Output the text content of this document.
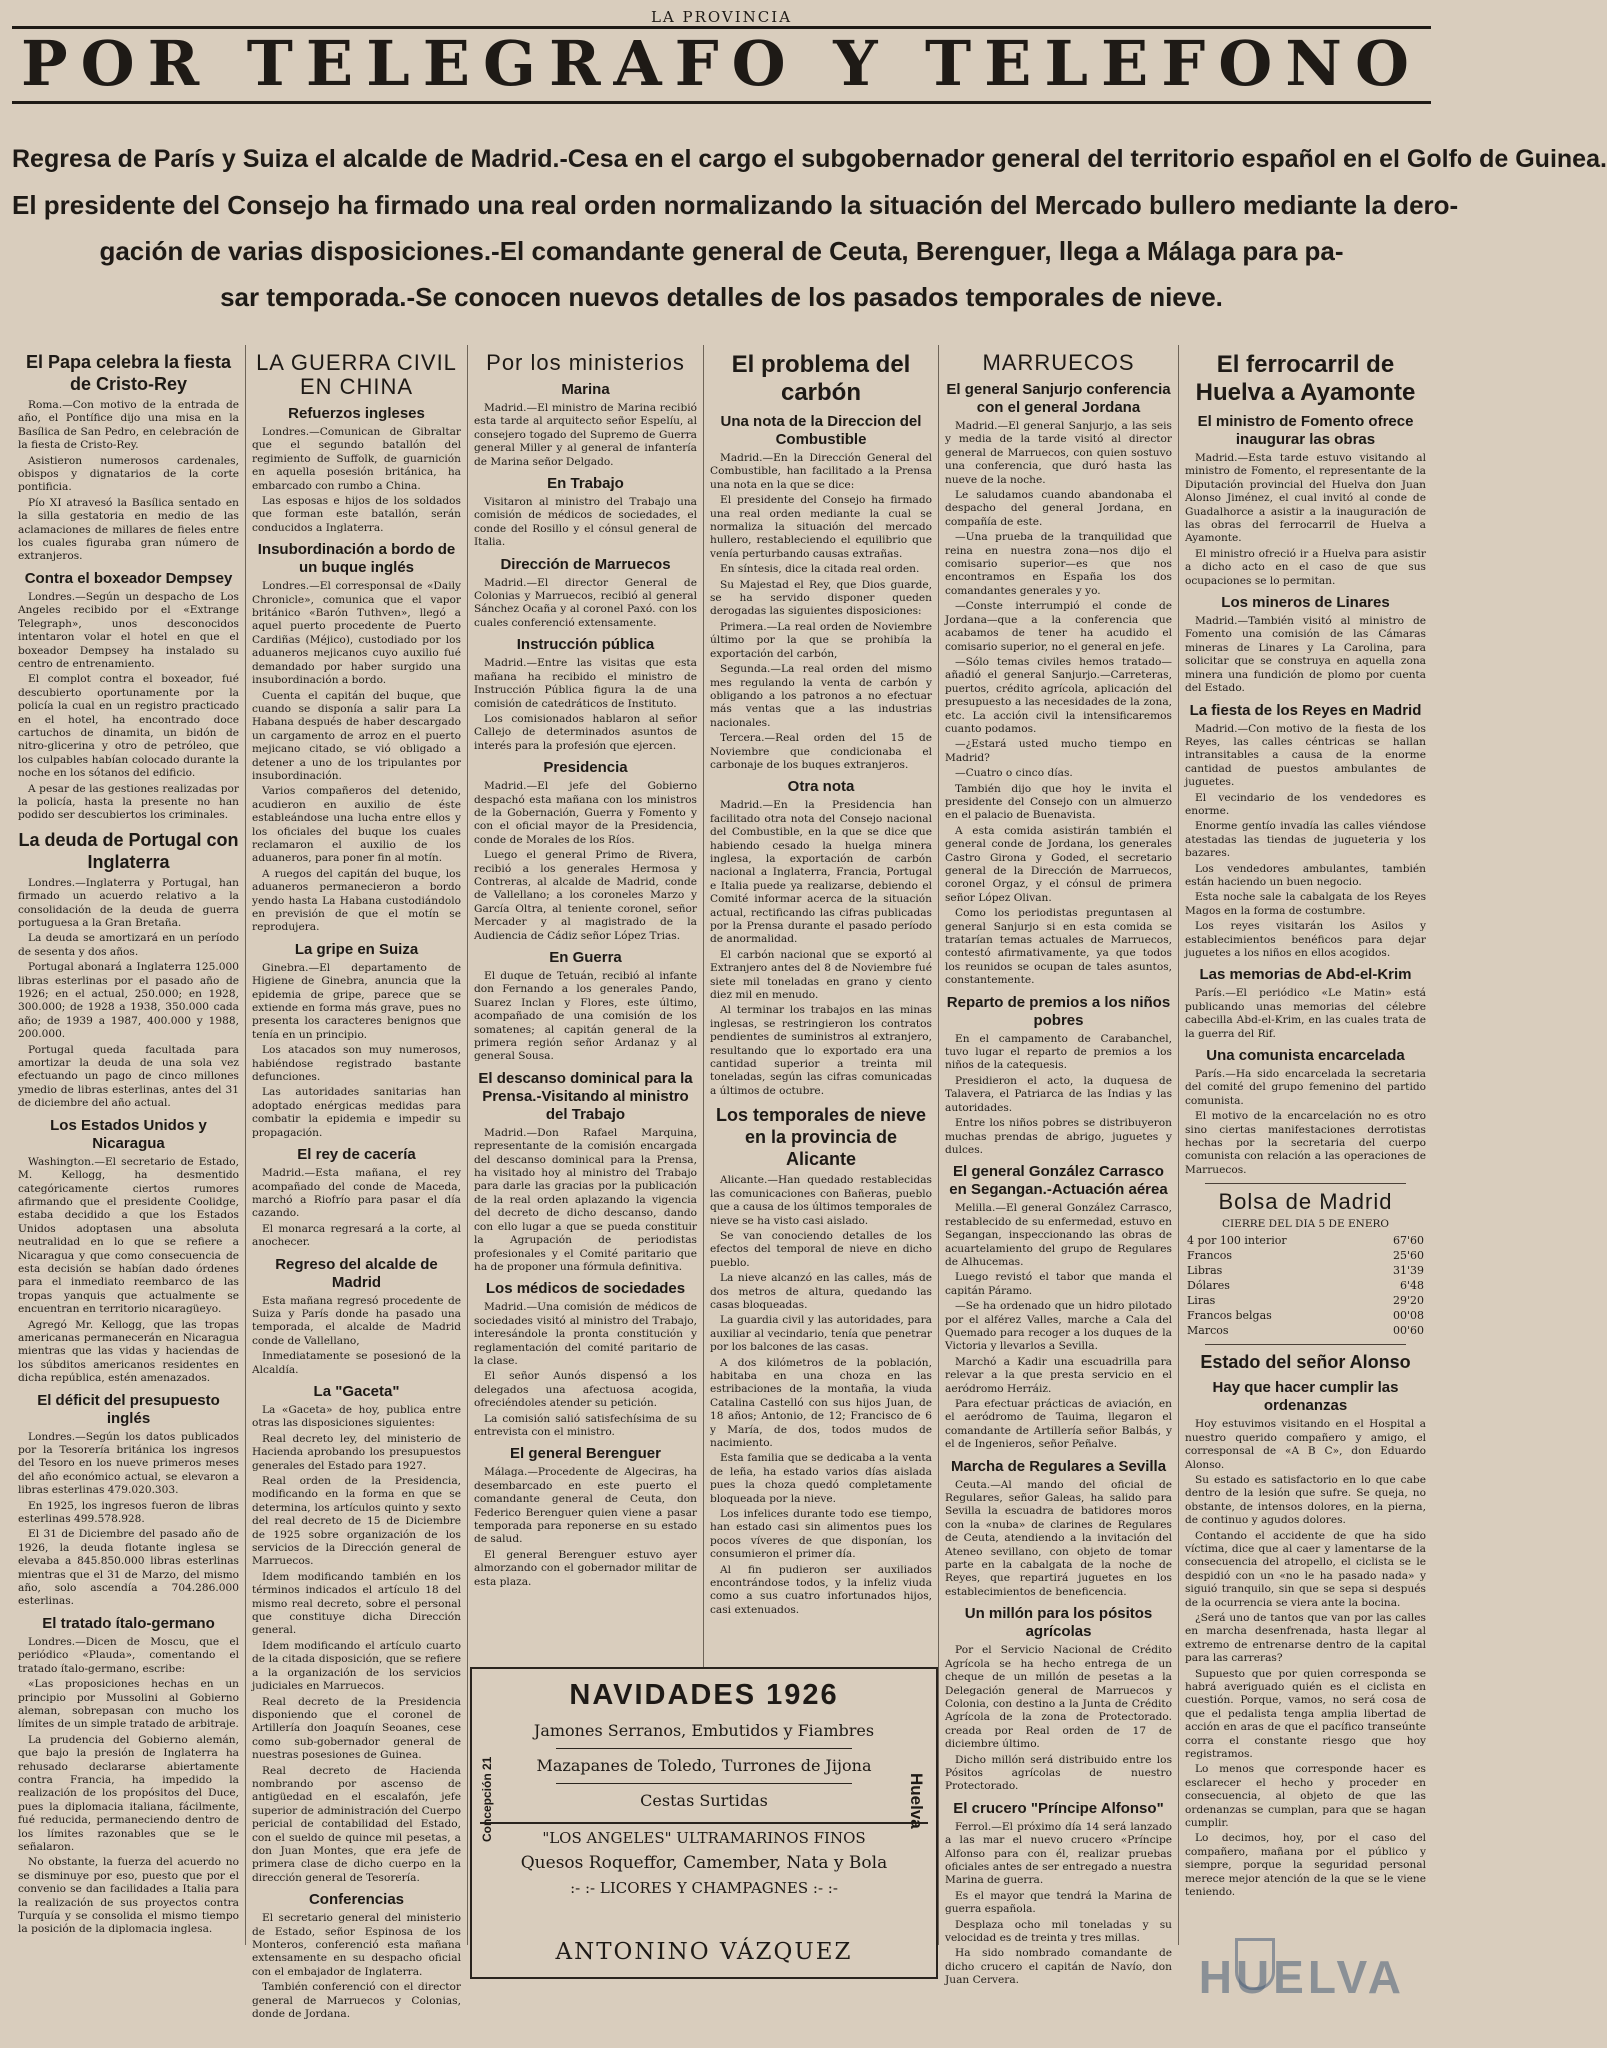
LA PROVINCIA
POR TELEGRAFO Y TELEFONO
Regresa de París y Suiza el alcalde de Madrid.-Cesa en el cargo el subgobernador general del territorio español en el Golfo de Guinea.
El presidente del Consejo ha firmado una real orden normalizando la situación del Mercado bullero mediante la dero-
gación de varias disposiciones.-El comandante general de Ceuta, Berenguer, llega a Málaga para pa-
sar temporada.-Se conocen nuevos detalles de los pasados temporales de nieve.
El Papa celebra la fiesta de Cristo-Rey

Roma.—Con motivo de la entrada de año, el Pontífice dijo una misa en la Basílica de San Pedro, en celebración de la fiesta de Cristo-Rey.

Asistieron numerosos cardenales, obispos y dignatarios de la corte pontificia.

Pío XI atravesó la Basílica sentado en la silla gestatoria en medio de las aclamaciones de millares de fieles entre los cuales figuraba gran número de extranjeros.

Contra el boxeador Dempsey

Londres.—Según un despacho de Los Angeles recibido por el «Extrange Telegraph», unos desconocidos intentaron volar el hotel en que el boxeador Dempsey ha instalado su centro de entrenamiento.

El complot contra el boxeador, fué descubierto oportunamente por la policía la cual en un registro practicado en el hotel, ha encontrado doce cartuchos de dinamita, un bidón de nitro-glicerina y otro de petróleo, que los culpables habían colocado durante la noche en los sótanos del edificio.

A pesar de las gestiones realizadas por la policía, hasta la presente no han podido ser descubiertos los criminales.

La deuda de Portugal con Inglaterra

Londres.—Inglaterra y Portugal, han firmado un acuerdo relativo a la consolidación de la deuda de guerra portuguesa a la Gran Bretaña.

La deuda se amortizará en un período de sesenta y dos años.

Portugal abonará a Inglaterra 125.000 libras esterlinas por el pasado año de 1926; en el actual, 250.000; en 1928, 300.000; de 1928 a 1938, 350.000 cada año; de 1939 a 1987, 400.000 y 1988, 200.000.

Portugal queda facultada para amortizar la deuda de una sola vez efectuando un pago de cinco millones ymedio de libras esterlinas, antes del 31 de diciembre del año actual.

Los Estados Unidos y Nicaragua

Washington.—El secretario de Estado, M. Kellogg, ha desmentido categóricamente ciertos rumores afirmando que el presidente Coolidge, estaba decidido a que los Estados Unidos adoptasen una absoluta neutralidad en lo que se refiere a Nicaragua y que como consecuencia de esta decisión se habían dado órdenes para el inmediato reembarco de las tropas yanquis que actualmente se encuentran en territorio nicaragüeyo.

Agregó Mr. Kellogg, que las tropas americanas permanecerán en Nicaragua mientras que las vidas y haciendas de los súbditos americanos residentes en dicha república, estén amenazados.

El déficit del presupuesto inglés

Londres.—Según los datos publicados por la Tesorería británica los ingresos del Tesoro en los nueve primeros meses del año económico actual, se elevaron a libras esterlinas 479.020.303.

En 1925, los ingresos fueron de libras esterlinas 499.578.928.

El 31 de Diciembre del pasado año de 1926, la deuda flotante inglesa se elevaba a 845.850.000 libras esterlinas mientras que el 31 de Marzo, del mismo año, solo ascendía a 704.286.000 esterlinas.

El tratado ítalo-germano

Londres.—Dicen de Moscu, que el periódico «Plauda», comentando el tratado ítalo-germano, escribe:

«Las proposiciones hechas en un principio por Mussolini al Gobierno aleman, sobrepasan con mucho los límites de un simple tratado de arbitraje.

La prudencia del Gobierno alemán, que bajo la presión de Inglaterra ha rehusado declararse abiertamente contra Francia, ha impedido la realización de los propósitos del Duce, pues la diplomacia italiana, fácilmente, fué reducida, permaneciendo dentro de los límites razonables que se le señalaron.

No obstante, la fuerza del acuerdo no se disminuye por eso, puesto que por el convenio se dan facilidades a Italia para la realización de sus proyectos contra Turquía y se consolida el mismo tiempo la posición de la diplomacia inglesa.

LA GUERRA CIVIL EN CHINA
Refuerzos ingleses

Londres.—Comunican de Gibraltar que el segundo batallón del regimiento de Suffolk, de guarnición en aquella posesión británica, ha embarcado con rumbo a China.

Las esposas e hijos de los soldados que forman este batallón, serán conducidos a Inglaterra.

Insubordinación a bordo de un buque inglés

Londres.—El corresponsal de «Daily Chronicle», comunica que el vapor británico «Barón Tuthven», llegó a aquel puerto procedente de Puerto Cardiñas (Méjico), custodiado por los aduaneros mejicanos cuyo auxilio fué demandado por haber surgido una insubordinación a bordo.

Cuenta el capitán del buque, que cuando se disponía a salir para La Habana después de haber descargado un cargamento de arroz en el puerto mejicano citado, se vió obligado a detener a uno de los tripulantes por insubordinación.

Varios compañeros del detenido, acudieron en auxilio de éste estableándose una lucha entre ellos y los oficiales del buque los cuales reclamaron el auxilio de los aduaneros, para poner fin al motín.

A ruegos del capitán del buque, los aduaneros permanecieron a bordo yendo hasta La Habana custodiándolo en previsión de que el motín se reprodujera.

La gripe en Suiza

Ginebra.—El departamento de Higiene de Ginebra, anuncia que la epidemia de gripe, parece que se extiende en forma más grave, pues no presenta los caracteres benignos que tenía en un principio.

Los atacados son muy numerosos, habiéndose registrado bastante defunciones.

Las autoridades sanitarias han adoptado enérgicas medidas para combatir la epidemia e impedir su propagación.

El rey de cacería

Madrid.—Esta mañana, el rey acompañado del conde de Maceda, marchó a Riofrío para pasar el día cazando.

El monarca regresará a la corte, al anochecer.

Regreso del alcalde de Madrid

Esta mañana regresó procedente de Suiza y París donde ha pasado una temporada, el alcalde de Madrid conde de Vallellano,

Inmediatamente se posesionó de la Alcaldía.

La "Gaceta"

La «Gaceta» de hoy, publica entre otras las disposiciones siguientes:

Real decreto ley, del ministerio de Hacienda aprobando los presupuestos generales del Estado para 1927.

Real orden de la Presidencia, modificando en la forma en que se determina, los artículos quinto y sexto del real decreto de 15 de Diciembre de 1925 sobre organización de los servicios de la Dirección general de Marruecos.

Idem modificando también en los términos indicados el artículo 18 del mismo real decreto, sobre el personal que constituye dicha Dirección general.

Idem modificando el artículo cuarto de la citada disposición, que se refiere a la organización de los servicios judiciales en Marruecos.

Real decreto de la Presidencia disponiendo que el coronel de Artillería don Joaquín Seoanes, cese como sub-gobernador general de nuestras posesiones de Guinea.

Real decreto de Hacienda nombrando por ascenso de antigüedad en el escalafón, jefe superior de administración del Cuerpo pericial de contabilidad del Estado, con el sueldo de quince mil pesetas, a don Juan Montes, que era jefe de primera clase de dicho cuerpo en la dirección general de Tesorería.

Conferencias

El secretario general del ministerio de Estado, señor Espinosa de los Monteros, conferenció esta mañana extensamente en su despacho oficial con el embajador de Inglaterra.

También conferenció con el director general de Marruecos y Colonias, donde de Jordana.

Por los ministerios
Marina

Madrid.—El ministro de Marina recibió esta tarde al arquitecto señor Espelíu, al consejero togado del Supremo de Guerra general Miller y al general de infantería de Marina señor Delgado.

En Trabajo

Visitaron al ministro del Trabajo una comisión de médicos de sociedades, el conde del Rosillo y el cónsul general de Italia.

Dirección de Marruecos

Madrid.—El director General de Colonias y Marruecos, recibió al general Sánchez Ocaña y al coronel Paxó. con los cuales conferenció extensamente.

Instrucción pública

Madrid.—Entre las visitas que esta mañana ha recibido el ministro de Instrucción Pública figura la de una comisión de catedráticos de Instituto.

Los comisionados hablaron al señor Callejo de determinados asuntos de interés para la profesión que ejercen.

Presidencia

Madrid.—El jefe del Gobierno despachó esta mañana con los ministros de la Gobernación, Guerra y Fomento y con el oficial mayor de la Presidencia, conde de Morales de los Ríos.

Luego el general Primo de Rivera, recibió a los generales Hermosa y Contreras, al alcalde de Madrid, conde de Vallellano; a los coroneles Marzo y García Oltra, al teniente coronel, señor Mercader y al magistrado de la Audiencia de Cádiz señor López Trias.

En Guerra

El duque de Tetuán, recibió al infante don Fernando a los generales Pando, Suarez Inclan y Flores, este último, acompañado de una comisión de los somatenes; al capitán general de la primera región señor Ardanaz y al general Sousa.

El descanso dominical para la Prensa.-Visitando al ministro del Trabajo

Madrid.—Don Rafael Marquina, representante de la comisión encargada del descanso dominical para la Prensa, ha visitado hoy al ministro del Trabajo para darle las gracias por la publicación de la real orden aplazando la vigencia del decreto de dicho descanso, dando con ello lugar a que se pueda constituir la Agrupación de periodistas profesionales y el Comité paritario que ha de proponer una fórmula definitiva.

Los médicos de sociedades

Madrid.—Una comisión de médicos de sociedades visitó al ministro del Trabajo, interesándole la pronta constitución y reglamentación del comité paritario de la clase.

El señor Aunós dispensó a los delegados una afectuosa acogida, ofreciéndoles atender su petición.

La comisión salió satisfechísima de su entrevista con el ministro.

El general Berenguer

Málaga.—Procedente de Algeciras, ha desembarcado en este puerto el comandante general de Ceuta, don Federico Berenguer quien viene a pasar temporada para reponerse en su estado de salud.

El general Berenguer estuvo ayer almorzando con el gobernador militar de esta plaza.

El problema del carbón
Una nota de la Direccion del Combustible

Madrid.—En la Dirección General del Combustible, han facilitado a la Prensa una nota en la que se dice:

El presidente del Consejo ha firmado una real orden mediante la cual se normaliza la situación del mercado hullero, restableciendo el equilibrio que venía perturbando causas extrañas.

En síntesis, dice la citada real orden.

Su Majestad el Rey, que Dios guarde, se ha servido disponer queden derogadas las siguientes disposiciones:

Primera.—La real orden de Noviembre último por la que se prohibía la exportación del carbón,

Segunda.—La real orden del mismo mes regulando la venta de carbón y obligando a los patronos a no efectuar más ventas que a las industrias nacionales.

Tercera.—Real orden del 15 de Noviembre que condicionaba el carbonaje de los buques extranjeros.

Otra nota

Madrid.—En la Presidencia han facilitado otra nota del Consejo nacional del Combustible, en la que se dice que habiendo cesado la huelga minera inglesa, la exportación de carbón nacional a Inglaterra, Francia, Portugal e Italia puede ya realizarse, debiendo el Comité informar acerca de la situación actual, rectificando las cifras publicadas por la Prensa durante el pasado período de anormalidad.

El carbón nacional que se exportó al Extranjero antes del 8 de Noviembre fué siete mil toneladas en grano y ciento diez mil en menudo.

Al terminar los trabajos en las minas inglesas, se restringieron los contratos pendientes de suministros al extranjero, resultando que lo exportado era una cantidad superior a treinta mil toneladas, según las cifras comunicadas a últimos de octubre.

Los temporales de nieve en la provincia de Alicante

Alicante.—Han quedado restablecidas las comunicaciones con Bañeras, pueblo que a causa de los últimos temporales de nieve se ha visto casi aislado.

Se van conociendo detalles de los efectos del temporal de nieve en dicho pueblo.

La nieve alcanzó en las calles, más de dos metros de altura, quedando las casas bloqueadas.

La guardia civil y las autoridades, para auxiliar al vecindario, tenía que penetrar por los balcones de las casas.

A dos kilómetros de la población, habitaba en una choza en las estribaciones de la montaña, la viuda Catalina Castelló con sus hijos Juan, de 18 años; Antonio, de 12; Francisco de 6 y María, de dos, todos mudos de nacimiento.

Esta familia que se dedicaba a la venta de leña, ha estado varios días aislada pues la choza quedó completamente bloqueada por la nieve.

Los infelices durante todo ese tiempo, han estado casi sin alimentos pues los pocos víveres de que disponían, los consumieron el primer día.

Al fin pudieron ser auxiliados encontrándose todos, y la infeliz viuda como a sus cuatro infortunados hijos, casi extenuados.

MARRUECOS
El general Sanjurjo conferencia con el general Jordana

Madrid.—El general Sanjurjo, a las seis y media de la tarde visitó al director general de Marruecos, con quien sostuvo una conferencia, que duró hasta las nueve de la noche.

Le saludamos cuando abandonaba el despacho del general Jordana, en compañía de este.

—Una prueba de la tranquilidad que reina en nuestra zona—nos dijo el comisario superior—es que nos encontramos en España los dos comandantes generales y yo.

—Conste interrumpió el conde de Jordana—que a la conferencia que acabamos de tener ha acudido el comisario superior, no el general en jefe.

—Sólo temas civiles hemos tratado—añadió el general Sanjurjo.—Carreteras, puertos, crédito agrícola, aplicación del presupuesto a las necesidades de la zona, etc. La acción civil la intensificaremos cuanto podamos.

—¿Estará usted mucho tiempo en Madrid?

—Cuatro o cinco días.

También dijo que hoy le invita el presidente del Consejo con un almuerzo en el palacio de Buenavista.

A esta comida asistirán también el general conde de Jordana, los generales Castro Girona y Goded, el secretario general de la Dirección de Marruecos, coronel Orgaz, y el cónsul de primera señor López Olivan.

Como los periodistas preguntasen al general Sanjurjo si en esta comida se tratarían temas actuales de Marruecos, contestó afirmativamente, ya que todos los reunidos se ocupan de tales asuntos, constantemente.

Reparto de premios a los niños pobres

En el campamento de Carabanchel, tuvo lugar el reparto de premios a los niños de la catequesis.

Presidieron el acto, la duquesa de Talavera, el Patriarca de las Indias y las autoridades.

Entre los niños pobres se distribuyeron muchas prendas de abrigo, juguetes y dulces.

El general González Carrasco en Segangan.-Actuación aérea

Melilla.—El general González Carrasco, restablecido de su enfermedad, estuvo en Segangan, inspeccionando las obras de acuartelamiento del grupo de Regulares de Alhucemas.

Luego revistó el tabor que manda el capitán Páramo.

—Se ha ordenado que un hidro pilotado por el alférez Valles, marche a Cala del Quemado para recoger a los duques de la Victoria y llevarlos a Sevilla.

Marchó a Kadir una escuadrilla para relevar a la que presta servicio en el aeródromo Herráiz.

Para efectuar prácticas de aviación, en el aeródromo de Tauima, llegaron el comandante de Artillería señor Balbás, y el de Ingenieros, señor Peñalve.

Marcha de Regulares a Sevilla

Ceuta.—Al mando del oficial de Regulares, señor Galeas, ha salido para Sevilla la escuadra de batidores moros con la «nuba» de clarines de Regulares de Ceuta, atendiendo a la invitación del Ateneo sevillano, con objeto de tomar parte en la cabalgata de la noche de Reyes, que repartirá juguetes en los establecimientos de beneficencia.

Un millón para los pósitos agrícolas

Por el Servicio Nacional de Crédito Agrícola se ha hecho entrega de un cheque de un millón de pesetas a la Delegación general de Marruecos y Colonia, con destino a la Junta de Crédito Agrícola de la zona de Protectorado. creada por Real orden de 17 de diciembre último.

Dicho millón será distribuido entre los Pósitos agrícolas de nuestro Protectorado.

El crucero "Príncipe Alfonso"

Ferrol.—El próximo día 14 será lanzado a las mar el nuevo crucero «Príncipe Alfonso para con él, realizar pruebas oficiales antes de ser entregado a nuestra Marina de guerra.

Es el mayor que tendrá la Marina de guerra española.

Desplaza ocho mil toneladas y su velocidad es de treinta y tres millas.

Ha sido nombrado comandante de dicho crucero el capitán de Navío, don Juan Cervera.

El ferrocarril de Huelva a Ayamonte
El ministro de Fomento ofrece inaugurar las obras

Madrid.—Esta tarde estuvo visitando al ministro de Fomento, el representante de la Diputación provincial del Huelva don Juan Alonso Jiménez, el cual invitó al conde de Guadalhorce a asistir a la inauguración de las obras del ferrocarril de Huelva a Ayamonte.

El ministro ofreció ir a Huelva para asistir a dicho acto en el caso de que sus ocupaciones se lo permitan.

Los mineros de Linares

Madrid.—También visitó al ministro de Fomento una comisión de las Cámaras mineras de Linares y La Carolina, para solicitar que se construya en aquella zona minera una fundición de plomo por cuenta del Estado.

La fiesta de los Reyes en Madrid

Madrid.—Con motivo de la fiesta de los Reyes, las calles céntricas se hallan intransitables a causa de la enorme cantidad de puestos ambulantes de juguetes.

El vecindario de los vendedores es enorme.

Enorme gentío invadía las calles viéndose atestadas las tiendas de jugueteria y los bazares.

Los vendedores ambulantes, también están haciendo un buen negocio.

Esta noche sale la cabalgata de los Reyes Magos en la forma de costumbre.

Los reyes visitarán los Asilos y establecimientos benéficos para dejar juguetes a los niños en ellos acogidos.

Las memorias de Abd-el-Krim

París.—El periódico «Le Matin» está publicando unas memorias del célebre cabecilla Abd-el-Krim, en las cuales trata de la guerra del Rif.

Una comunista encarcelada

París.—Ha sido encarcelada la secretaria del comité del grupo femenino del partido comunista.

El motivo de la encarcelación no es otro sino ciertas manifestaciones derrotistas hechas por la secretaria del cuerpo comunista con relación a las operaciones de Marruecos.

Bolsa de Madrid
CIERRE DEL DIA 5 DE ENERO
4 por 100 interior	67'60
Francos	25'60
Libras	31'39
Dólares	6'48
Liras	29'20
Francos belgas	00'08
Marcos	00'60
Estado del señor Alonso
Hay que hacer cumplir las ordenanzas

Hoy estuvimos visitando en el Hospital a nuestro querido compañero y amigo, el corresponsal de «A B C», don Eduardo Alonso.

Su estado es satisfactorio en lo que cabe dentro de la lesión que sufre. Se queja, no obstante, de intensos dolores, en la pierna, de continuo y agudos dolores.

Contando el accidente de que ha sido víctima, dice que al caer y lamentarse de la consecuencia del atropello, el ciclista se le despidió con un «no le ha pasado nada» y siguió tranquilo, sin que se sepa si después de la ocurrencia se viera ante la bocina.

¿Será uno de tantos que van por las calles en marcha desenfrenada, hasta llegar al extremo de entrenarse dentro de la capital para las carreras?

Supuesto que por quien corresponda se habrá averiguado quién es el ciclista en cuestión. Porque, vamos, no será cosa de que el pedalista tenga amplia libertad de acción en aras de que el pacífico transeúnte corra el constante riesgo que hoy registramos.

Lo menos que corresponde hacer es esclarecer el hecho y proceder en consecuencia, al objeto de que las ordenanzas se cumplan, para que se hagan cumplir.

Lo decimos, hoy, por el caso del compañero, mañana por el público y siempre, porque la seguridad personal merece mejor atención de la que se le viene teniendo.

NAVIDADES 1926
Concepción 21	Huelva
Jamones Serranos, Embutidos y Fiambres
Mazapanes de Toledo, Turrones de Jijona
Cestas Surtidas
"LOS ANGELES" ULTRAMARINOS FINOS
Quesos Roqueffor, Camember, Nata y Bola
:- :- LICORES Y CHAMPAGNES :- :-
ANTONINO VÁZQUEZ	HUELVA
